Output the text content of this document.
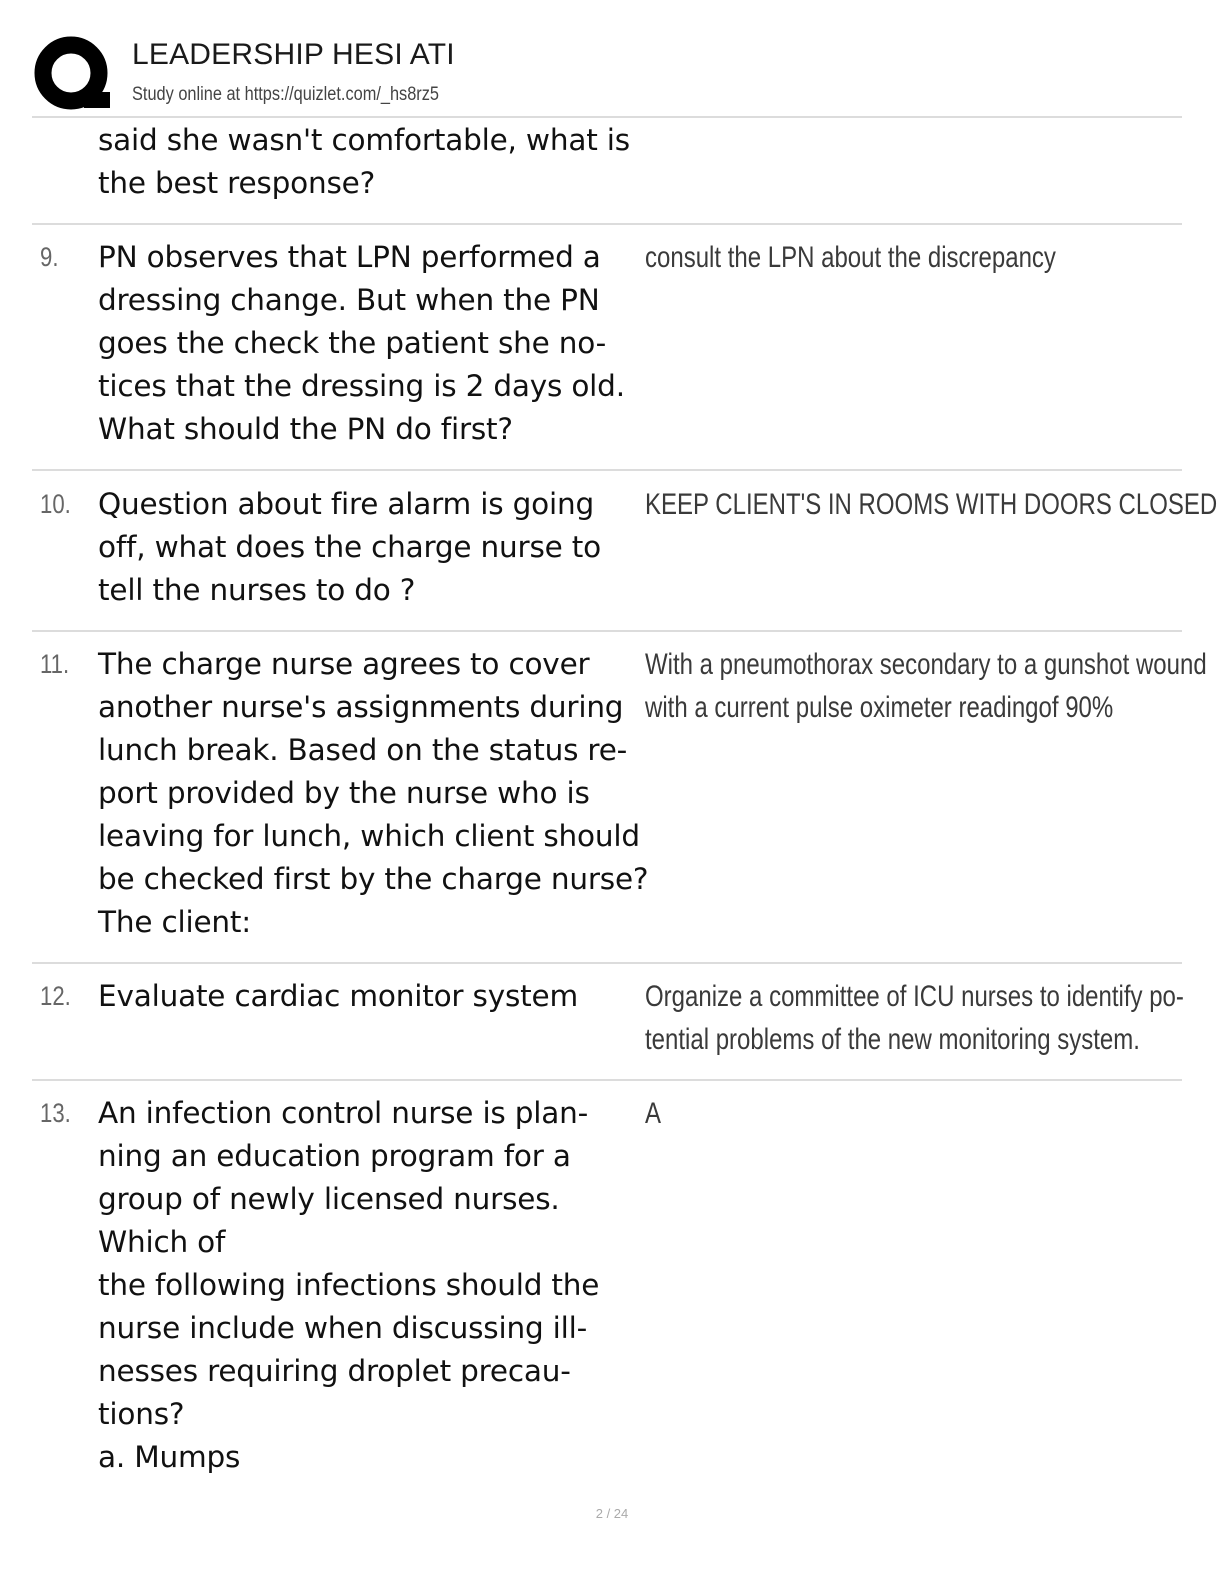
LEADERSHIP HESI ATI
Study online at https://quizlet.com/_hs8rz5
said she wasn't comfortable, what is
the best response?
9. PN observes that LPN performed a
dressing change. But when the PN
goes the check the patient she no-
tices that the dressing is 2 days old.
What should the PN do first?
consult the LPN about the discrepancy
10. Question about fire alarm is going
off, what does the charge nurse to
tell the nurses to do ?
KEEP CLIENT'S IN ROOMS WITH DOORS CLOSED
11. The charge nurse agrees to cover
another nurse's assignments during
lunch break. Based on the status re-
port provided by the nurse who is
leaving for lunch, which client should
be checked first by the charge nurse?
The client:
With a pneumothorax secondary to a gunshot wound
with a current pulse oximeter readingof 90%
12. Evaluate cardiac monitor system	Organize a committee of ICU nurses to identify po-
tential problems of the new monitoring system.
13. An infection control nurse is plan-
ning an education program for a
group of newly licensed nurses.
Which of
the following infections should the
nurse include when discussing ill-
nesses requiring droplet precau-
tions?
a. Mumps
A
2 / 24
